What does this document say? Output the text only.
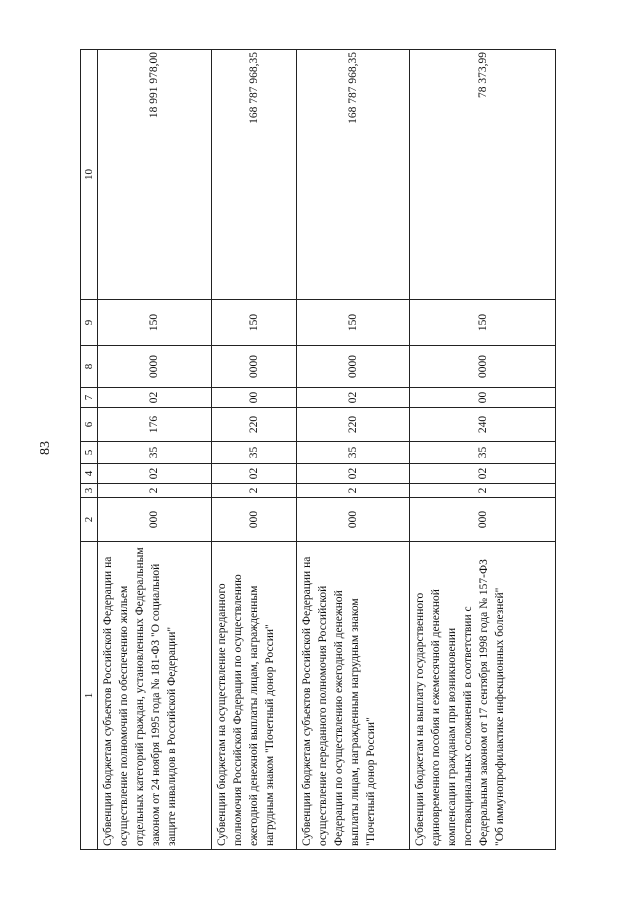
83
1	2	3	4	5	6	7	8	9	10
Субвенции бюджетам субъектов Российской Федерации на осуществление полномочий по обеспечению жильем отдельных категорий граждан, установленных Федеральным законом от 24 ноября 1995 года № 181-ФЗ "О социальной защите инвалидов в Российской Федерации"	000	2	02	35	176	02	0000	150	18 991 978,00
Субвенции бюджетам на осуществление переданного полномочия Российской Федерации по осуществлению ежегодной денежной выплаты лицам, награжденным нагрудным знаком "Почетный донор России"	000	2	02	35	220	00	0000	150	168 787 968,35
Субвенции бюджетам субъектов Российской Федерации на осуществление переданного полномочия Российской Федерации по осуществлению ежегодной денежной выплаты лицам, награжденным нагрудным знаком "Почетный донор России"	000	2	02	35	220	02	0000	150	168 787 968,35
Субвенции бюджетам на выплату государственного единовременного пособия и ежемесячной денежной компенсации гражданам при возникновении поствакцинальных осложнений в соответствии с Федеральным законом от 17 сентября 1998 года № 157-ФЗ "Об иммунопрофилактике инфекционных болезней"	000	2	02	35	240	00	0000	150	78 373,99
